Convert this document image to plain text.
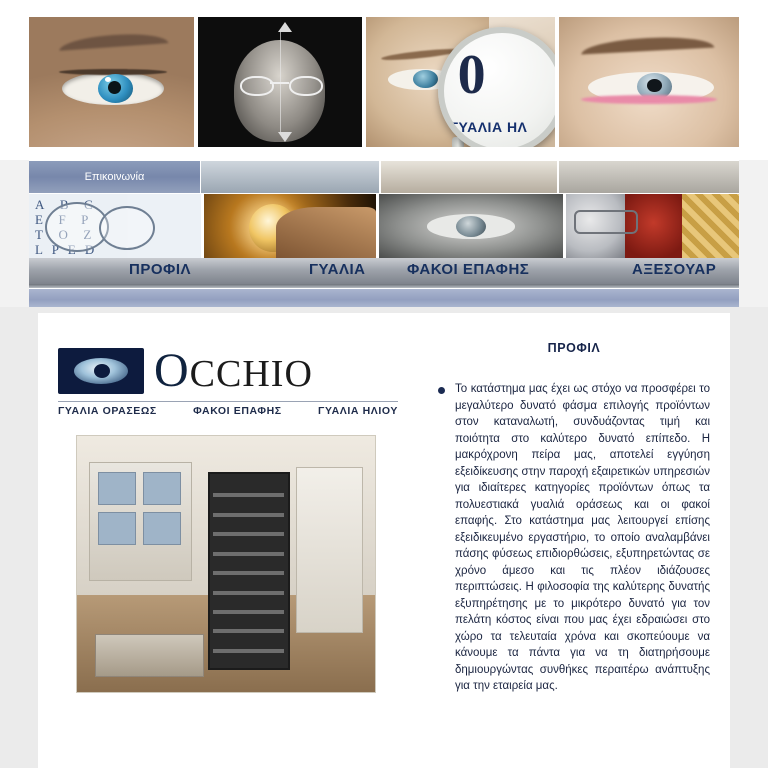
0
ΓΥΑΛΙΑ ΗΛ
Επικοινωνία
A  B  C
E  F  P
T  O  Z
L P E D
ΠΡΟΦΙΛ	ΓΥΑΛΙΑ	ΦΑΚΟΙ ΕΠΑΦΗΣ	ΑΞΕΣΟΥΑΡ
OCCHIO
ΓΥΑΛΙΑ ΟΡΑΣΕΩΣ	ΦΑΚΟΙ ΕΠΑΦΗΣ	ΓΥΑΛΙΑ ΗΛΙΟΥ
ΠΡΟΦΙΛ
Το κατάστημα μας έχει ως στόχο να προσφέρει το μεγαλύτερο δυνατό φάσμα επιλογής προϊόντων στον καταναλωτή, συνδυάζοντας τιμή και ποιότητα στο καλύτερο δυνατό επίπεδο. Η μακρόχρονη πείρα μας, αποτελεί εγγύηση εξειδίκευσης στην παροχή εξαιρετικών υπηρεσιών για ιδιαίτερες κατηγορίες προϊόντων όπως τα πολυεστιακά γυαλιά οράσεως και οι φακοί επαφής. Στο κατάστημα μας λειτουργεί επίσης εξειδικευμένο εργαστήριο, το οποίο αναλαμβάνει πάσης φύσεως επιδιορθώσεις, εξυπηρετώντας σε χρόνο άμεσο και τις πλέον ιδιάζουσες περιπτώσεις. Η φιλοσοφία της καλύτερης δυνατής εξυπηρέτησης με το μικρότερο δυνατό για τον πελάτη κόστος είναι που μας έχει εδραιώσει στο χώρο τα τελευταία χρόνα και σκοπεύουμε να κάνουμε τα πάντα για να τη διατηρήσουμε δημιουργώντας συνθήκες περαιτέρω ανάπτυξης για την εταιρεία μας.
